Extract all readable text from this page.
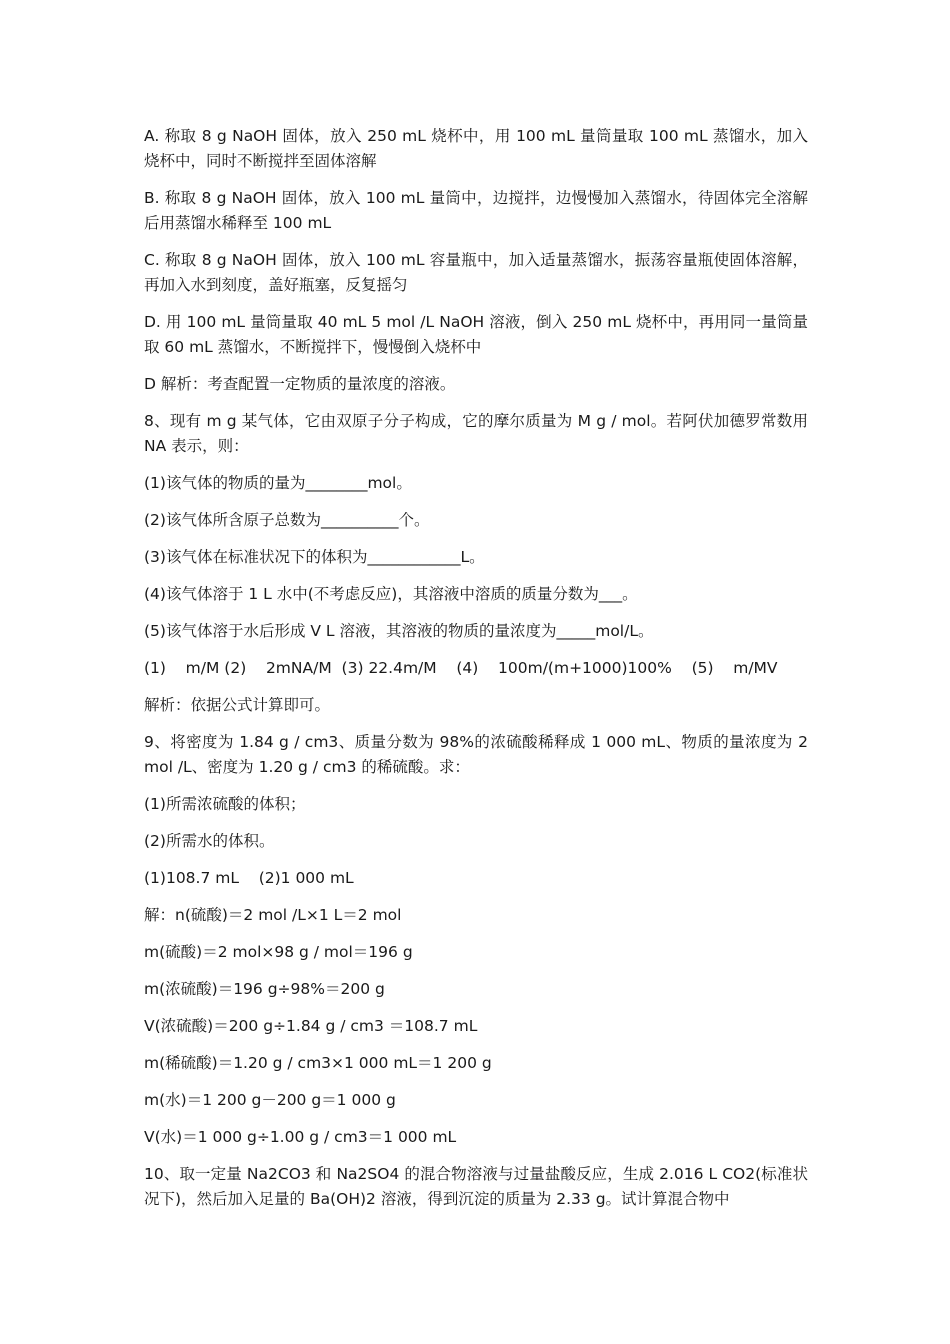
A. 称取 8 g NaOH 固体，放入 250 mL 烧杯中，用 100 mL 量筒量取 100 mL 蒸馏水，加入烧杯中，同时不断搅拌至固体溶解

B. 称取 8 g NaOH 固体，放入 100 mL 量筒中，边搅拌，边慢慢加入蒸馏水，待固体完全溶解后用蒸馏水稀释至 100 mL

C. 称取 8 g NaOH 固体，放入 100 mL 容量瓶中，加入适量蒸馏水，振荡容量瓶使固体溶解，再加入水到刻度，盖好瓶塞，反复摇匀

D. 用 100 mL 量筒量取 40 mL 5 mol /L NaOH 溶液，倒入 250 mL 烧杯中，再用同一量筒量取 60 mL 蒸馏水，不断搅拌下，慢慢倒入烧杯中

D 解析：考查配置一定物质的量浓度的溶液。

8、现有 m g 某气体，它由双原子分子构成，它的摩尔质量为 M g / mol。若阿伏加德罗常数用 NA 表示，则：

(1)该气体的物质的量为________mol。

(2)该气体所含原子总数为__________个。

(3)该气体在标准状况下的体积为____________L。

(4)该气体溶于 1 L 水中(不考虑反应)，其溶液中溶质的质量分数为___。

(5)该气体溶于水后形成 V L 溶液，其溶液的物质的量浓度为_____mol/L。

(1)    m/M (2)    2mNA/M  (3) 22.4m/M    (4)    100m/(m+1000)100%    (5)    m/MV

解析：依据公式计算即可。

9、将密度为 1.84 g / cm3、质量分数为 98%的浓硫酸稀释成 1 000 mL、物质的量浓度为 2 mol /L、密度为 1.20 g / cm3 的稀硫酸。求：

(1)所需浓硫酸的体积；

(2)所需水的体积。

(1)108.7 mL    (2)1 000 mL

解：n(硫酸)＝2 mol /L×1 L＝2 mol

m(硫酸)＝2 mol×98 g / mol＝196 g

m(浓硫酸)＝196 g÷98%＝200 g

V(浓硫酸)＝200 g÷1.84 g / cm3 ＝108.7 mL

m(稀硫酸)＝1.20 g / cm3×1 000 mL＝1 200 g

m(水)＝1 200 g－200 g＝1 000 g

V(水)＝1 000 g÷1.00 g / cm3＝1 000 mL

10、取一定量 Na2CO3 和 Na2SO4 的混合物溶液与过量盐酸反应，生成 2.016 L CO2(标准状况下)，然后加入足量的 Ba(OH)2 溶液，得到沉淀的质量为 2.33 g。试计算混合物中
